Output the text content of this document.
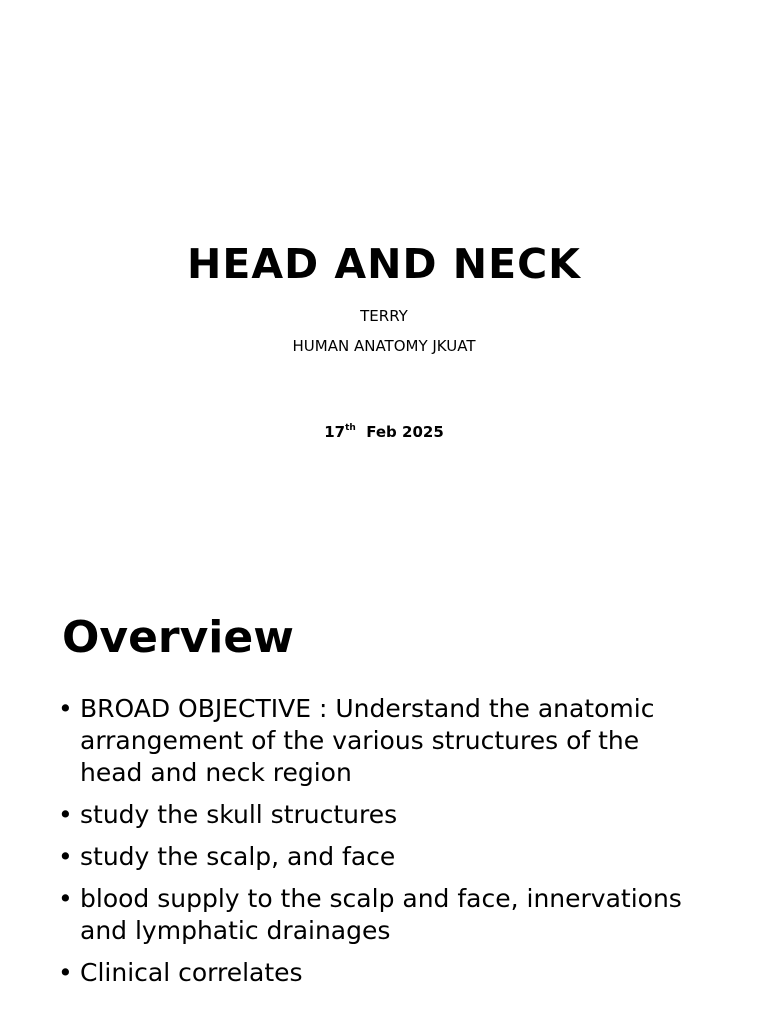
HEAD AND NECK
TERRY
HUMAN ANATOMY JKUAT
17th Feb 2025
Overview
• BROAD OBJECTIVE : Understand the anatomic arrangement of the various structures of the head and neck region
• study the skull structures
• study the scalp, and face
• blood supply to the scalp and face, innervations and lymphatic drainages
• Clinical correlates
